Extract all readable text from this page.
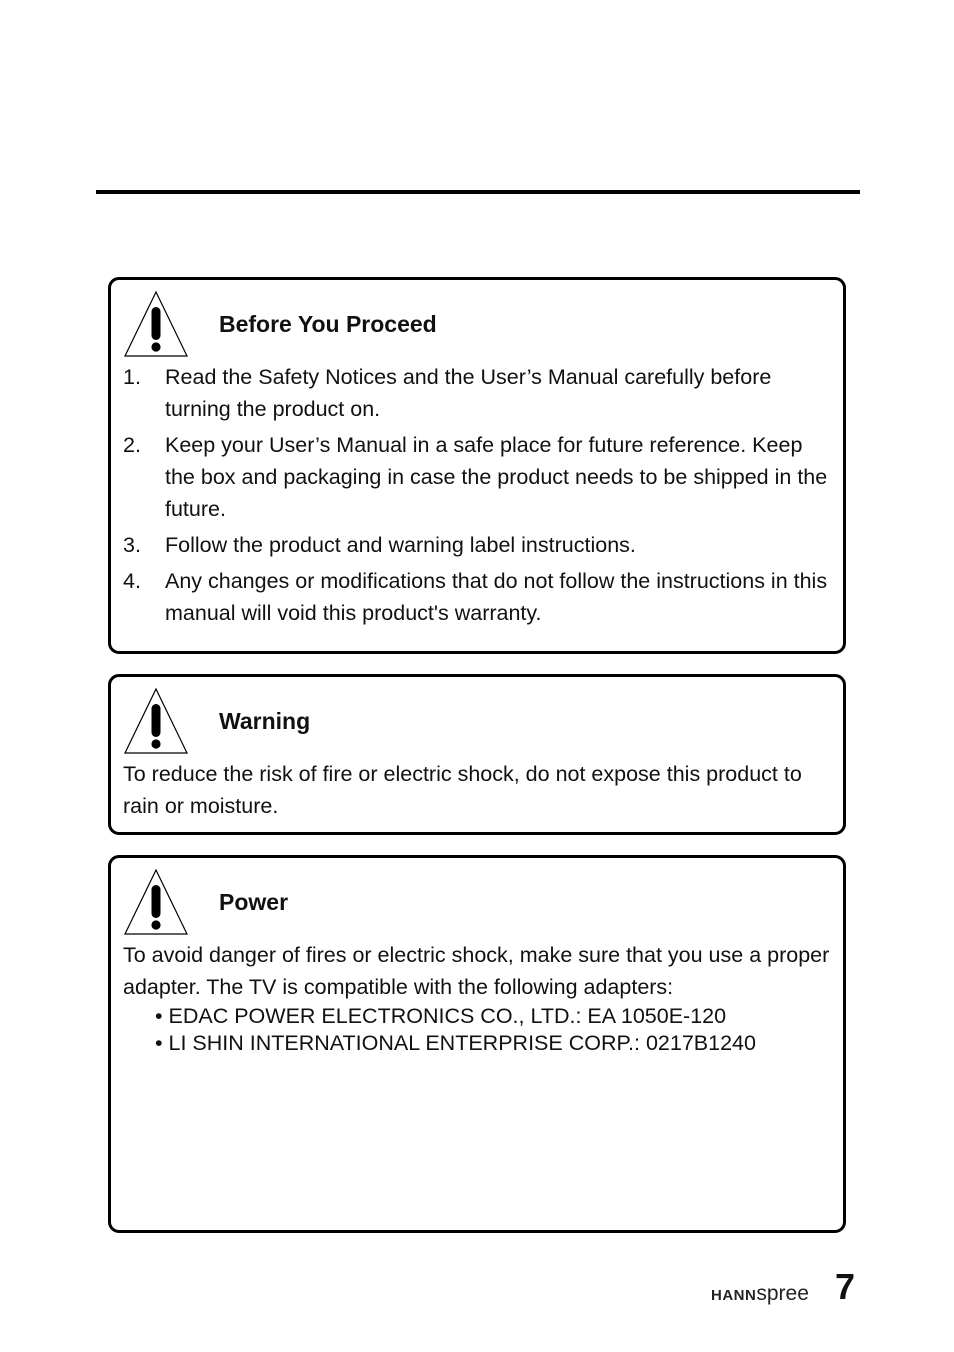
Before You Proceed
1. Read the Safety Notices and the User’s Manual carefully before turning the product on.
2. Keep your User’s Manual in a safe place for future reference. Keep the box and packaging in case the product needs to be shipped in the future.
3. Follow the product and warning label instructions.
4. Any changes or modifications that do not follow the instructions in this manual will void this product's warranty.
Warning

To reduce the risk of fire or electric shock, do not expose this product to rain or moisture.

Power

To avoid danger of fires or electric shock, make sure that you use a proper adapter. The TV is compatible with the following adapters:

• EDAC POWER ELECTRONICS CO., LTD.: EA 1050E-120
• LI SHIN INTERNATIONAL ENTERPRISE CORP.: 0217B1240
HANNspree 7
